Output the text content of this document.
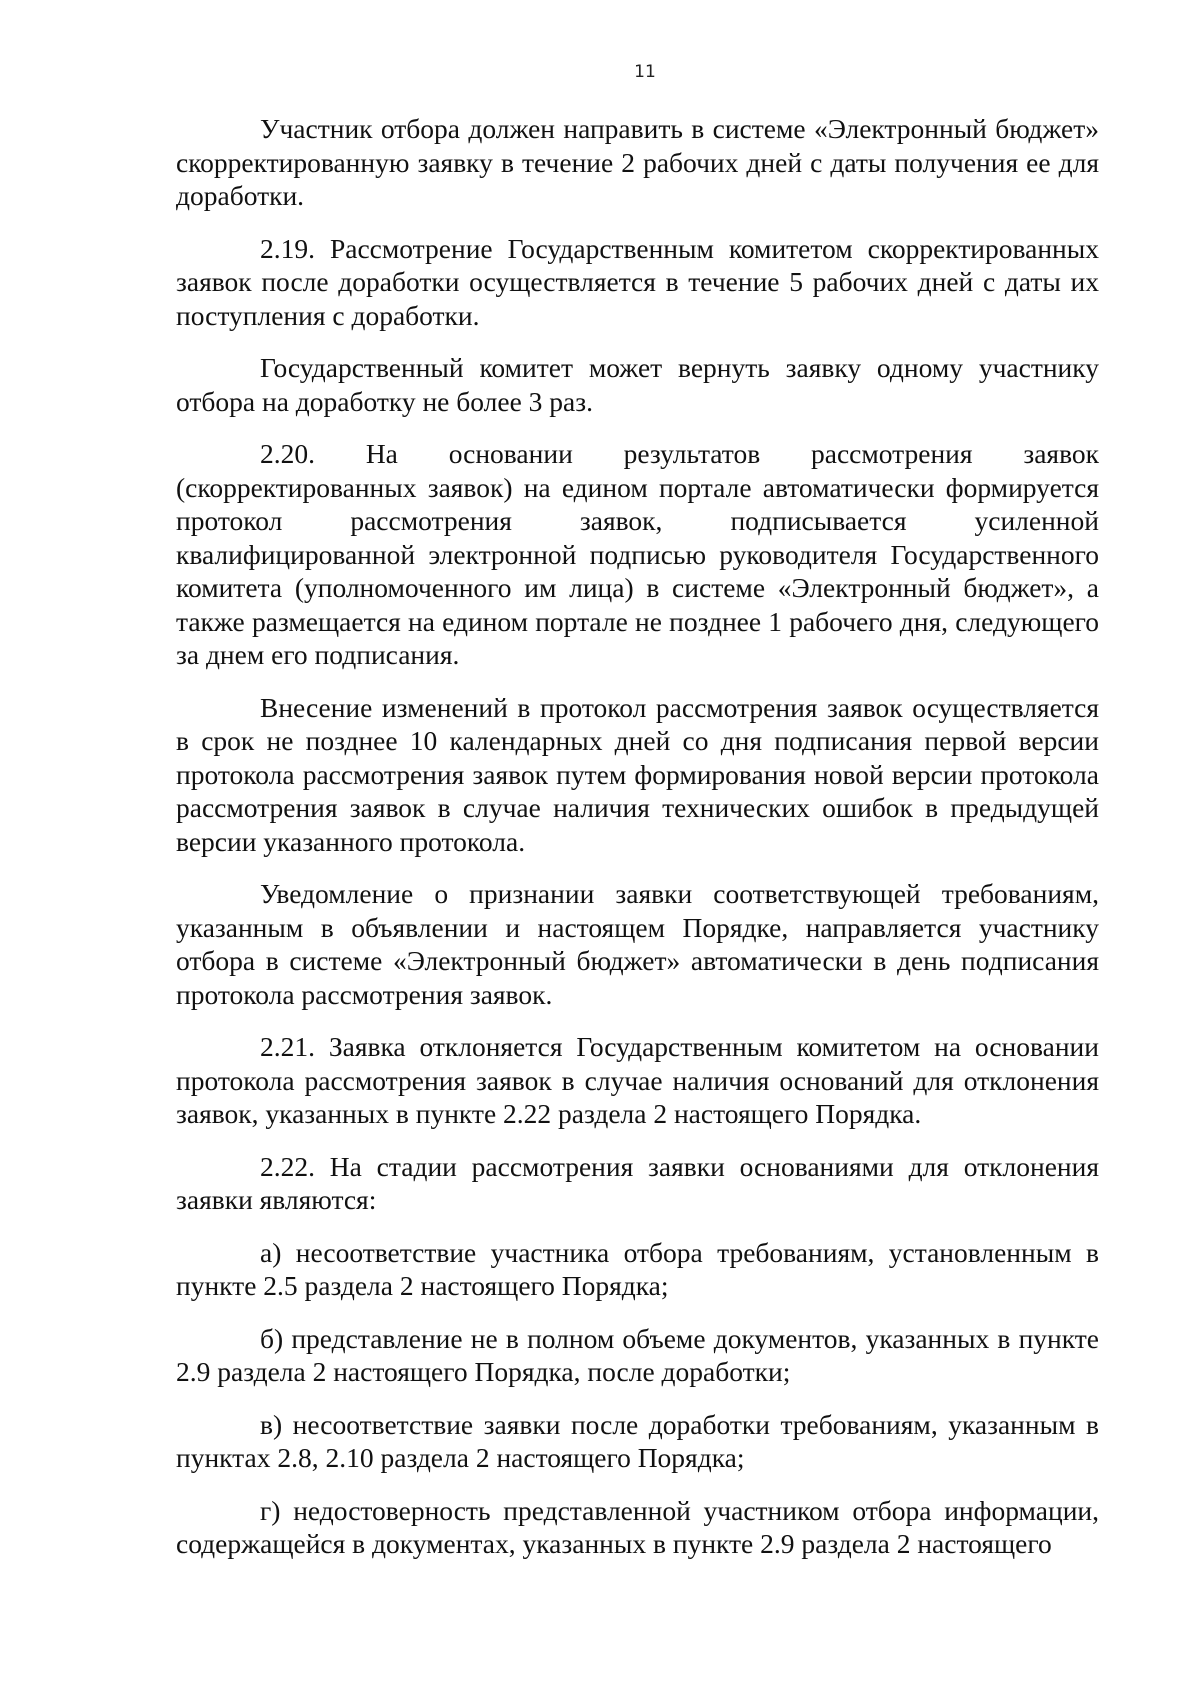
11

Участник отбора должен направить в системе «Электронный бюджет» скорректированную заявку в течение 2 рабочих дней с даты получения ее для доработки.

2.19. Рассмотрение Государственным комитетом скорректированных заявок после доработки осуществляется в течение 5 рабочих дней с даты их поступления с доработки.

Государственный комитет может вернуть заявку одному участнику отбора на доработку не более 3 раз.

2.20. На основании результатов рассмотрения заявок (скорректированных заявок) на едином портале автоматически формируется протокол рассмотрения заявок, подписывается усиленной квалифицированной электронной подписью руководителя Государственного комитета (уполномоченного им лица) в системе «Электронный бюджет», а также размещается на едином портале не позднее 1 рабочего дня, следующего за днем его подписания.

Внесение изменений в протокол рассмотрения заявок осуществляется в срок не позднее 10 календарных дней со дня подписания первой версии протокола рассмотрения заявок путем формирования новой версии протокола рассмотрения заявок в случае наличия технических ошибок в предыдущей версии указанного протокола.

Уведомление о признании заявки соответствующей требованиям, указанным в объявлении и настоящем Порядке, направляется участнику отбора в системе «Электронный бюджет» автоматически в день подписания протокола рассмотрения заявок.

2.21. Заявка отклоняется Государственным комитетом на основании протокола рассмотрения заявок в случае наличия оснований для отклонения заявок, указанных в пункте 2.22 раздела 2 настоящего Порядка.

2.22. На стадии рассмотрения заявки основаниями для отклонения заявки являются:

а) несоответствие участника отбора требованиям, установленным в пункте 2.5 раздела 2 настоящего Порядка;

б) представление не в полном объеме документов, указанных в пункте 2.9 раздела 2 настоящего Порядка, после доработки;

в) несоответствие заявки после доработки требованиям, указанным в пунктах 2.8, 2.10 раздела 2 настоящего Порядка;

г) недостоверность представленной участником отбора информации, содержащейся в документах, указанных в пункте 2.9 раздела 2 настоящего
